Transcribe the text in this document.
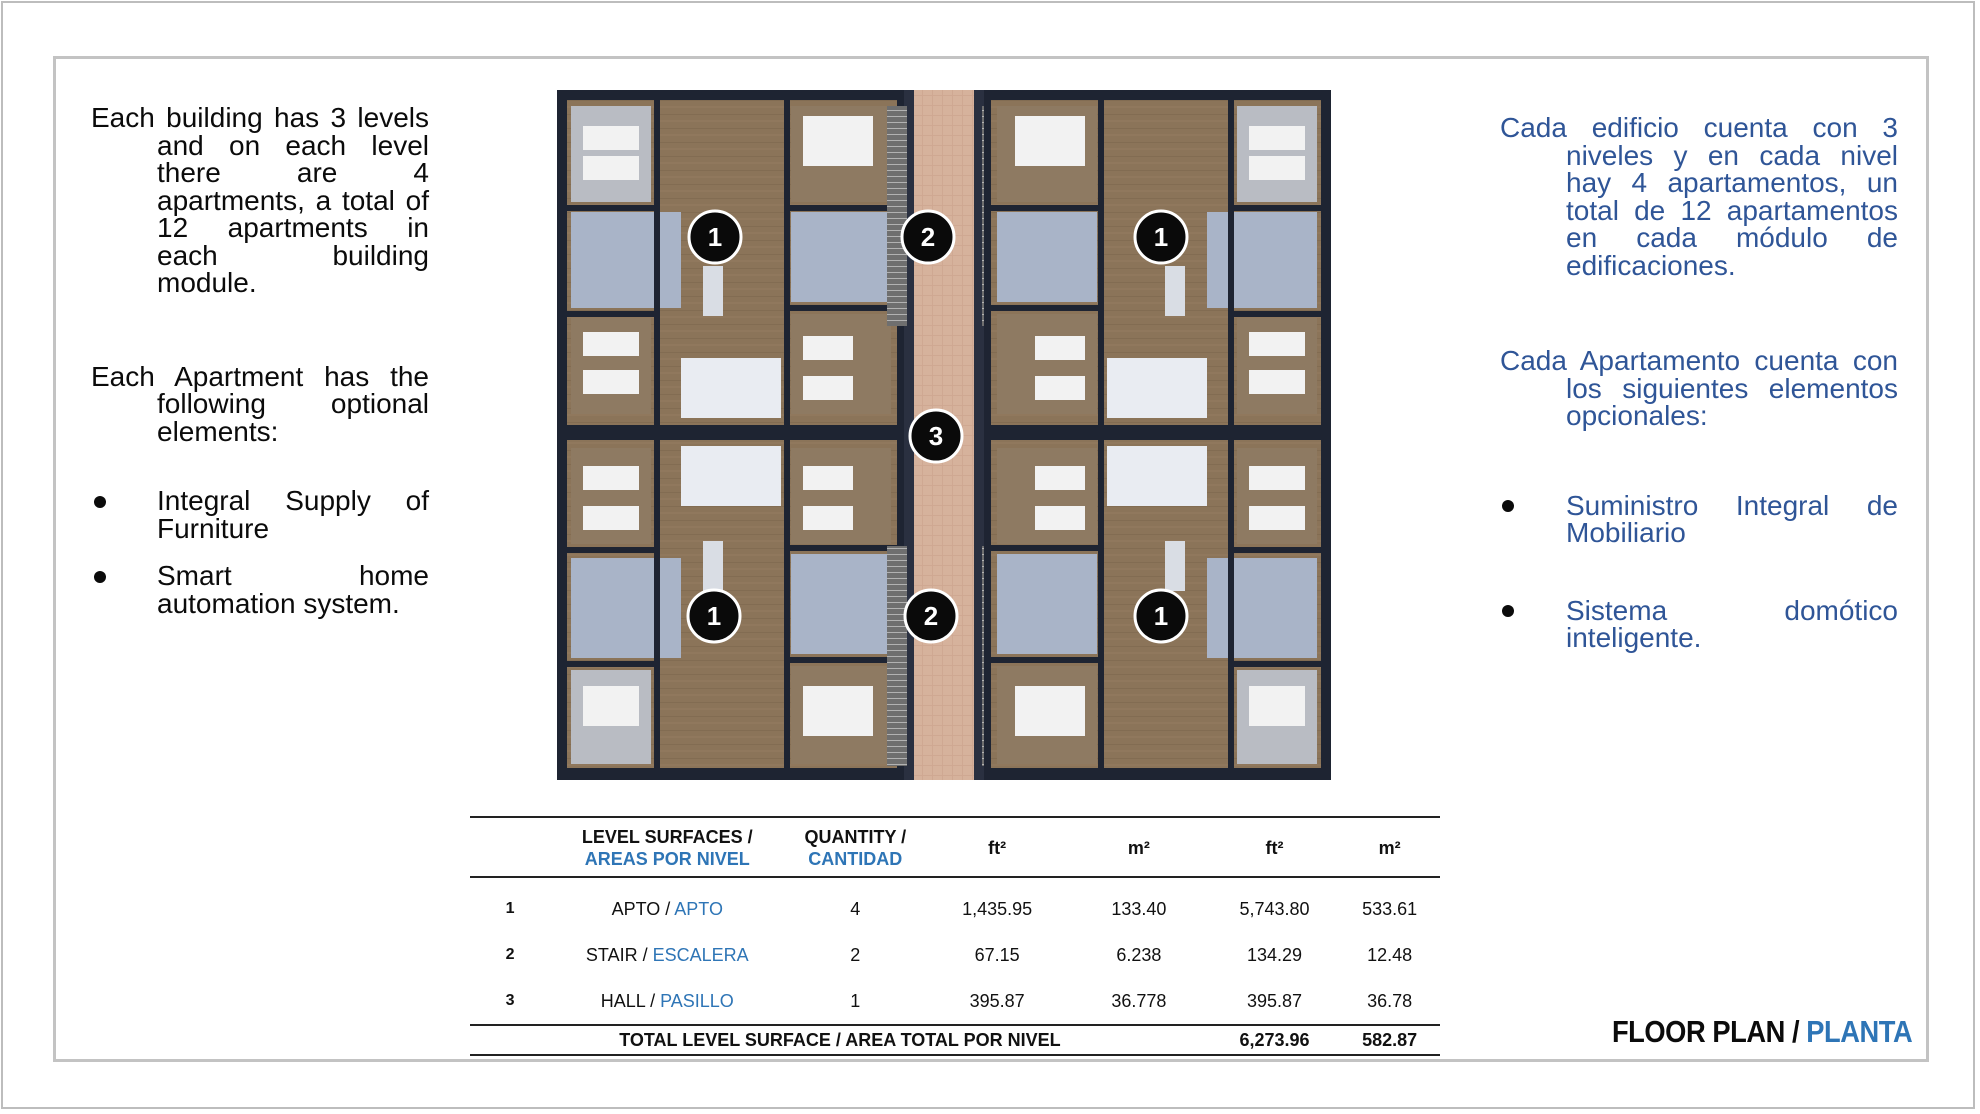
Each building has 3 levels and on each level there are 4 apartments, a total of 12 apartments in each building module.

Each Apartment has the following optional elements:

Integral Supply of Furniture
Smart home automation system.
1	2	1
3
1	2	1

Cada edificio cuenta con 3 niveles y en cada nivel hay 4 apartamentos, un total de 12 apartamentos en cada módulo de edificaciones.

Cada Apartamento cuenta con los siguientes elementos opcionales:

Suministro Integral de Mobiliario
Sistema domótico inteligente.
	LEVEL SURFACES / AREAS POR NIVEL	QUANTITY /
CANTIDAD	ft²	m²	ft²	m²
1	APTO / APTO	4	1,435.95	133.40	5,743.80	533.61
2	STAIR / ESCALERA	2	67.15	6.238	134.29	12.48
3	HALL / PASILLO	1	395.87	36.778	395.87	36.78
TOTAL LEVEL SURFACE / AREA TOTAL POR NIVEL					6,273.96	582.87	FLOOR PLAN / PLANTA
